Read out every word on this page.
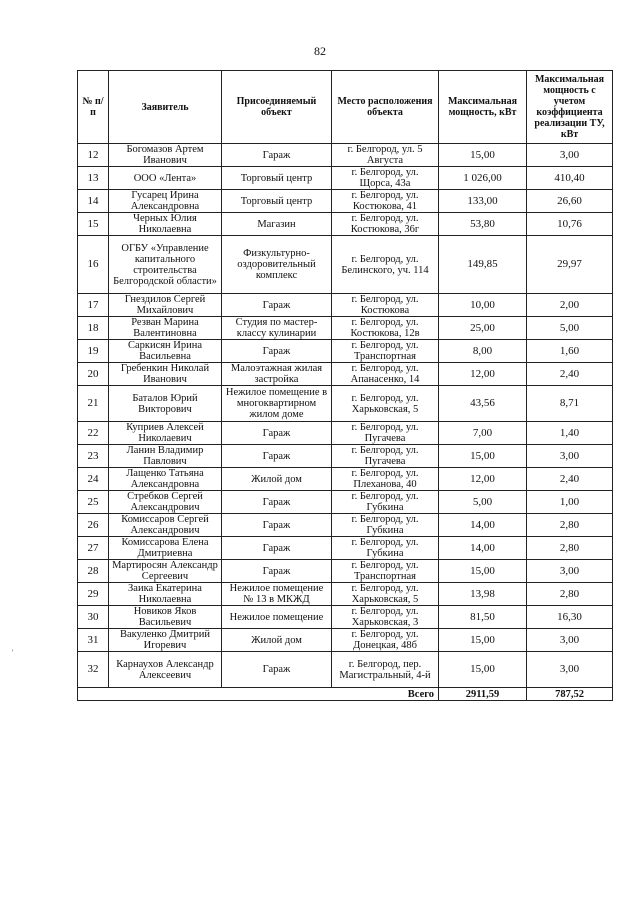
82
№ п/п	Заявитель	Присоединяемый объект	Место расположения объекта	Максимальная мощность, кВт	Максимальная мощность с учетом коэффициента реализации ТУ, кВт
12	Богомазов Артем Иванович	Гараж	г. Белгород, ул. 5 Августа	15,00	3,00
13	ООО «Лента»	Торговый центр	г. Белгород, ул. Щорса, 43а	1 026,00	410,40
14	Гусарец Ирина Александровна	Торговый центр	г. Белгород, ул. Костюкова, 41	133,00	26,60
15	Черных Юлия Николаевна	Магазин	г. Белгород, ул. Костюкова, 36г	53,80	10,76
16	ОГБУ «Управление капитального строительства Белгородской области»	Физкультурно-оздоровительный комплекс	г. Белгород, ул. Белинского, уч. 114	149,85	29,97
17	Гнездилов Сергей Михайлович	Гараж	г. Белгород, ул. Костюкова	10,00	2,00
18	Резван Марина Валентиновна	Студия по мастер-классу кулинарии	г. Белгород, ул. Костюкова, 12в	25,00	5,00
19	Саркисян Ирина Васильевна	Гараж	г. Белгород, ул. Транспортная	8,00	1,60
20	Гребенкин Николай Иванович	Малоэтажная жилая застройка	г. Белгород, ул. Апанасенко, 14	12,00	2,40
21	Баталов Юрий Викторович	Нежилое помещение в многоквартирном жилом доме	г. Белгород, ул. Харьковская, 5	43,56	8,71
22	Куприев Алексей Николаевич	Гараж	г. Белгород, ул. Пугачева	7,00	1,40
23	Ланин Владимир Павлович	Гараж	г. Белгород, ул. Пугачева	15,00	3,00
24	Лащенко Татьяна Александровна	Жилой дом	г. Белгород, ул. Плеханова, 40	12,00	2,40
25	Стребков Сергей Александрович	Гараж	г. Белгород, ул. Губкина	5,00	1,00
26	Комиссаров Сергей Александрович	Гараж	г. Белгород, ул. Губкина	14,00	2,80
27	Комиссарова Елена Дмитриевна	Гараж	г. Белгород, ул. Губкина	14,00	2,80
28	Мартиросян Александр Сергеевич	Гараж	г. Белгород, ул. Транспортная	15,00	3,00
29	Заика Екатерина Николаевна	Нежилое помещение № 13 в МКЖД	г. Белгород, ул. Харьковская, 5	13,98	2,80
30	Новиков Яков Васильевич	Нежилое помещение	г. Белгород, ул. Харьковская, 3	81,50	16,30
31	Вакуленко Дмитрий Игоревич	Жилой дом	г. Белгород, ул. Донецкая, 48б	15,00	3,00
32	Карнаухов Александр Алексеевич	Гараж	г. Белгород, пер. Магистральный, 4-й	15,00	3,00
Всего				2911,59	787,52
'
